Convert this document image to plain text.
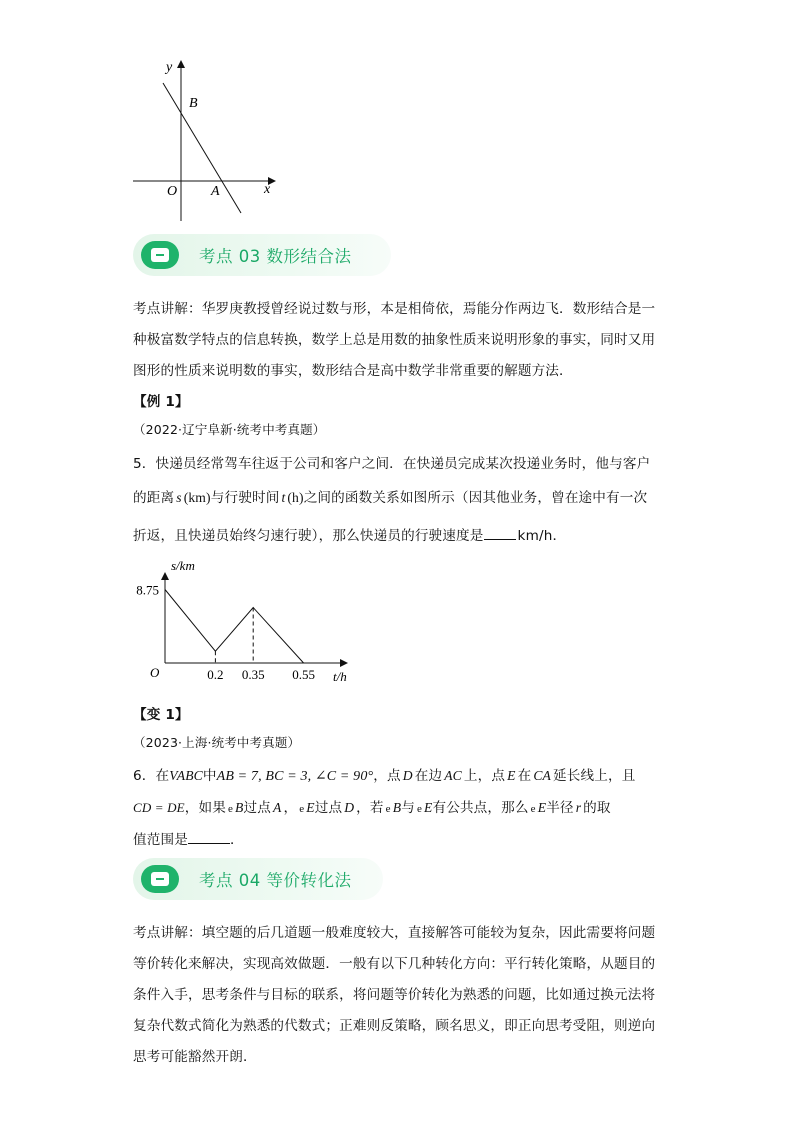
y
B
O A	x
考点 03 数形结合法
考点讲解：华罗庚教授曾经说过数与形，本是相倚依，焉能分作两边飞．数形结合是一
种极富数学特点的信息转换，数学上总是用数的抽象性质来说明形象的事实，同时又用
图形的性质来说明数的事实，数形结合是高中数学非常重要的解题方法．
【例 1】
（2022·辽宁阜新·统考中考真题）
5．快递员经常驾车往返于公司和客户之间．在快递员完成某次投递业务时，他与客户
的距离 s (km)与行驶时间 t (h)之间的函数关系如图所示（因其他业务，曾在途中有一次
折返，且快递员始终匀速行驶），那么快递员的行驶速度是	km/h．
s/km
t/h
O	0.2 0.35 0.55
8.75
【变 1】
（2023·上海·统考中考真题）
6．在VABC中AB = 7, BC = 3, ∠C = 90°，点 D 在边 AC 上，点 E 在 CA 延长线上，且
CD = DE，如果 e B过点 A ， e E过点 D ，若 e B与 e E有公共点，那么 e E半径 r 的取
值范围是	．
考点 04 等价转化法
考点讲解：填空题的后几道题一般难度较大，直接解答可能较为复杂，因此需要将问题
等价转化来解决，实现高效做题．一般有以下几种转化方向：平行转化策略，从题目的
条件入手，思考条件与目标的联系，将问题等价转化为熟悉的问题，比如通过换元法将
复杂代数式简化为熟悉的代数式；正难则反策略，顾名思义，即正向思考受阻，则逆向
思考可能豁然开朗．
